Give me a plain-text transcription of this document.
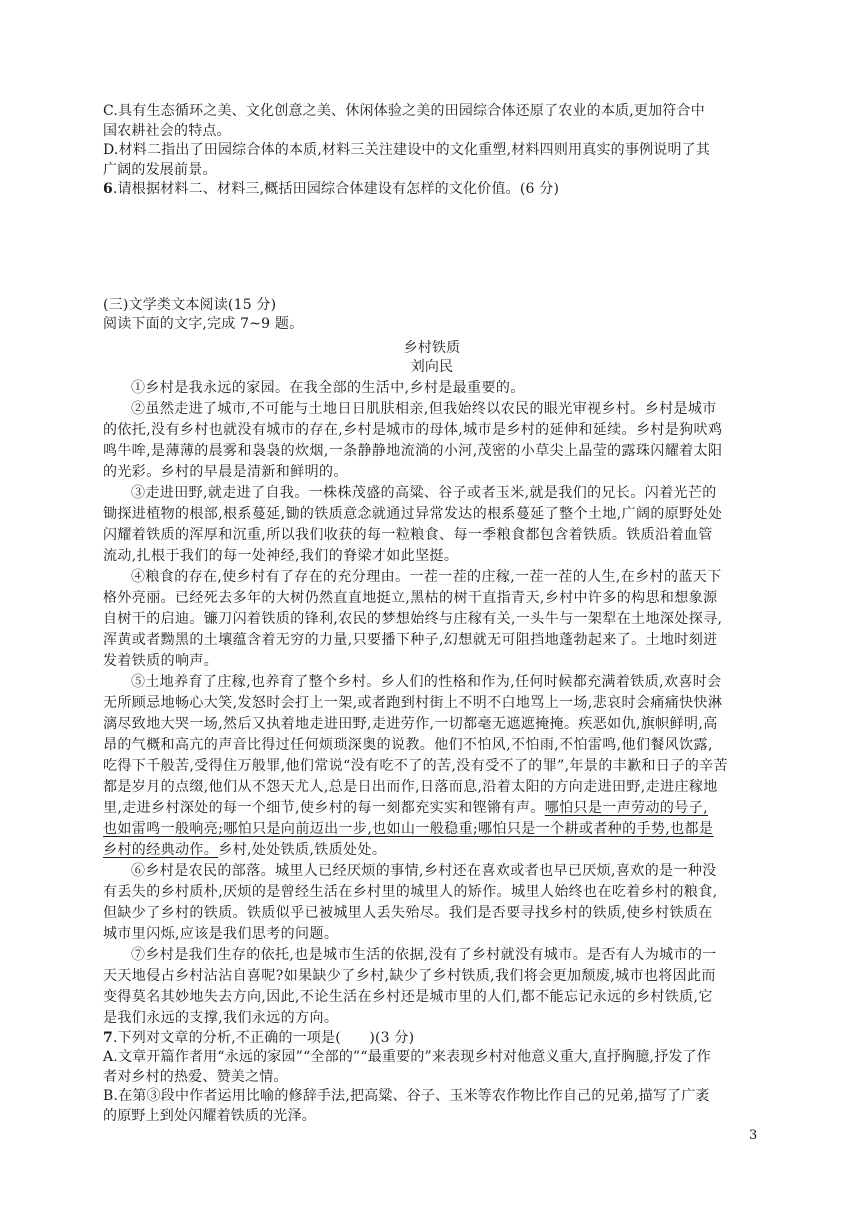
C.具有生态循环之美、文化创意之美、休闲体验之美的田园综合体还原了农业的本质,更加符合中
国农耕社会的特点。
D.材料二指出了田园综合体的本质,材料三关注建设中的文化重塑,材料四则用真实的事例说明了其
广阔的发展前景。
6.请根据材料二、材料三,概括田园综合体建设有怎样的文化价值。(6 分)
(三)文学类文本阅读(15 分)
阅读下面的文字,完成 7~9 题。
乡村铁质
刘向民
①乡村是我永远的家园。在我全部的生活中,乡村是最重要的。
②虽然走进了城市,不可能与土地日日肌肤相亲,但我始终以农民的眼光审视乡村。乡村是城市
的依托,没有乡村也就没有城市的存在,乡村是城市的母体,城市是乡村的延伸和延续。乡村是狗吠鸡
鸣牛哞,是薄薄的晨雾和袅袅的炊烟,一条静静地流淌的小河,茂密的小草尖上晶莹的露珠闪耀着太阳
的光彩。乡村的早晨是清新和鲜明的。
③走进田野,就走进了自我。一株株茂盛的高粱、谷子或者玉米,就是我们的兄长。闪着光芒的
锄探进植物的根部,根系蔓延,锄的铁质意念就通过异常发达的根系蔓延了整个土地,广阔的原野处处
闪耀着铁质的浑厚和沉重,所以我们收获的每一粒粮食、每一季粮食都包含着铁质。铁质沿着血管
流动,扎根于我们的每一处神经,我们的脊梁才如此坚挺。
④粮食的存在,使乡村有了存在的充分理由。一茬一茬的庄稼,一茬一茬的人生,在乡村的蓝天下
格外亮丽。已经死去多年的大树仍然直直地挺立,黑枯的树干直指青天,乡村中许多的构思和想象源
自树干的启迪。镰刀闪着铁质的锋利,农民的梦想始终与庄稼有关,一头牛与一架犁在土地深处探寻,
浑黄或者黝黑的土壤蕴含着无穷的力量,只要播下种子,幻想就无可阻挡地蓬勃起来了。土地时刻迸
发着铁质的响声。
⑤土地养育了庄稼,也养育了整个乡村。乡人们的性格和作为,任何时候都充满着铁质,欢喜时会
无所顾忌地畅心大笑,发怒时会打上一架,或者跑到村街上不明不白地骂上一场,悲哀时会痛痛快快淋
漓尽致地大哭一场,然后又执着地走进田野,走进劳作,一切都毫无遮遮掩掩。疾恶如仇,旗帜鲜明,高
昂的气概和高亢的声音比得过任何烦琐深奥的说教。他们不怕风,不怕雨,不怕雷鸣,他们餐风饮露,
吃得下千般苦,受得住万般罪,他们常说“没有吃不了的苦,没有受不了的罪”,年景的丰歉和日子的辛苦
都是岁月的点缀,他们从不怨天尤人,总是日出而作,日落而息,沿着太阳的方向走进田野,走进庄稼地
里,走进乡村深处的每一个细节,使乡村的每一刻都充实实和铿锵有声。哪怕只是一声劳动的号子,
也如雷鸣一般响亮;哪怕只是向前迈出一步,也如山一般稳重;哪怕只是一个耕或者种的手势,也都是
乡村的经典动作。乡村,处处铁质,铁质处处。
⑥乡村是农民的部落。城里人已经厌烦的事情,乡村还在喜欢或者也早已厌烦,喜欢的是一种没
有丢失的乡村质朴,厌烦的是曾经生活在乡村里的城里人的矫作。城里人始终也在吃着乡村的粮食,
但缺少了乡村的铁质。铁质似乎已被城里人丢失殆尽。我们是否要寻找乡村的铁质,使乡村铁质在
城市里闪烁,应该是我们思考的问题。
⑦乡村是我们生存的依托,也是城市生活的依据,没有了乡村就没有城市。是否有人为城市的一
天天地侵占乡村沾沾自喜呢?如果缺少了乡村,缺少了乡村铁质,我们将会更加颓废,城市也将因此而
变得莫名其妙地失去方向,因此,不论生活在乡村还是城市里的人们,都不能忘记永远的乡村铁质,它
是我们永远的支撑,我们永远的方向。
7.下列对文章的分析,不正确的一项是(　　)(3 分)
A.文章开篇作者用“永远的家园”“全部的”“最重要的”来表现乡村对他意义重大,直抒胸臆,抒发了作
者对乡村的热爱、赞美之情。
B.在第③段中作者运用比喻的修辞手法,把高粱、谷子、玉米等农作物比作自己的兄弟,描写了广袤
的原野上到处闪耀着铁质的光泽。
3
